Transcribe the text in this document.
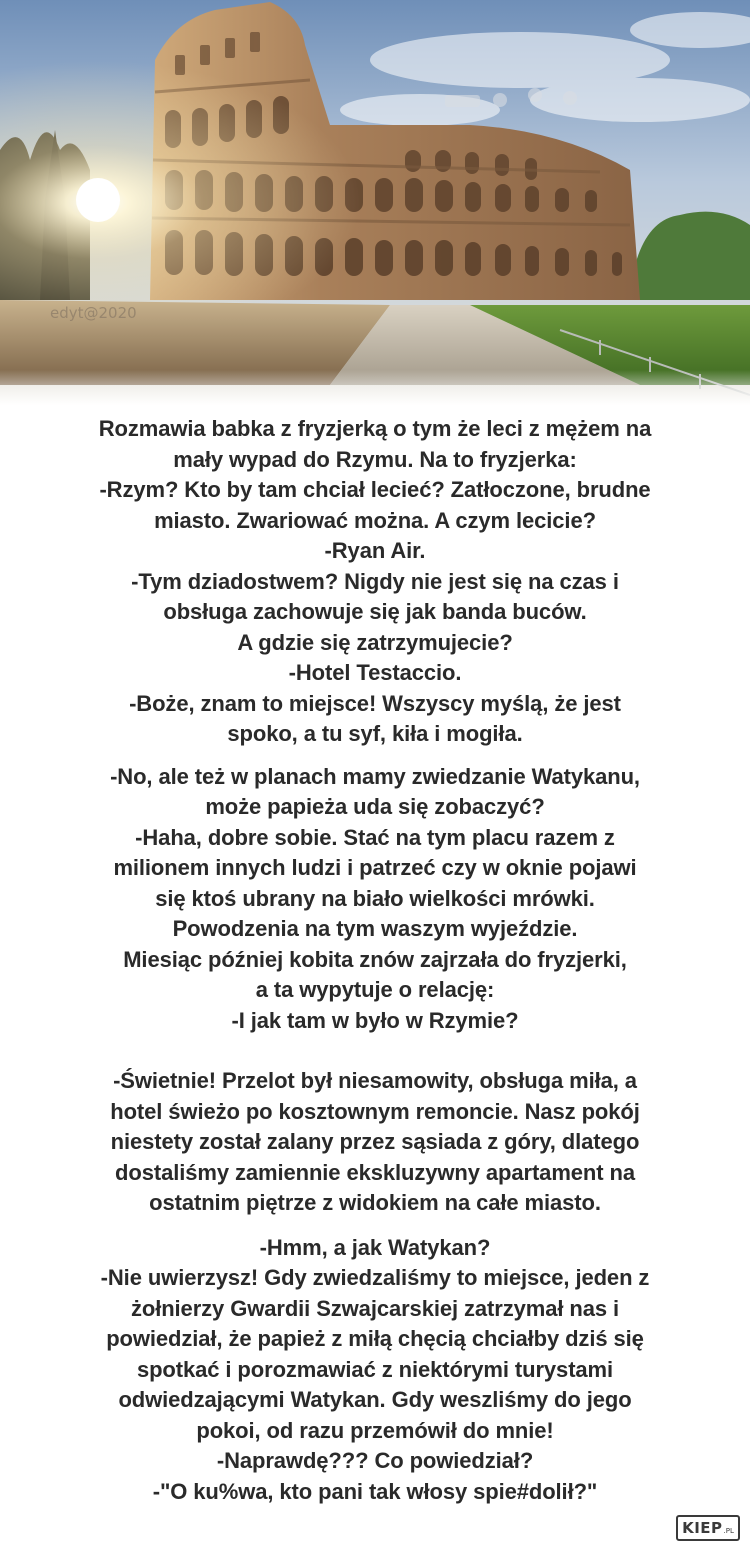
edyt@2020
Rozmawia babka z fryzjerką o tym że leci z mężem na
mały wypad do Rzymu. Na to fryzjerka:
-Rzym? Kto by tam chciał lecieć? Zatłoczone, brudne
miasto. Zwariować można. A czym lecicie?
-Ryan Air.
-Tym dziadostwem? Nigdy nie jest się na czas i
obsługa zachowuje się jak banda buców.
A gdzie się zatrzymujecie?
-Hotel Testaccio.
-Boże, znam to miejsce! Wszyscy myślą, że jest
spoko, a tu syf, kiła i mogiła.
-No, ale też w planach mamy zwiedzanie Watykanu,
może papieża uda się zobaczyć?
-Haha, dobre sobie. Stać na tym placu razem z
milionem innych ludzi i patrzeć czy w oknie pojawi
się ktoś ubrany na biało wielkości mrówki.
Powodzenia na tym waszym wyjeździe.
Miesiąc później kobita znów zajrzała do fryzjerki,
a ta wypytuje o relację:
-I jak tam w było w Rzymie?
-Świetnie! Przelot był niesamowity, obsługa miła, a
hotel świeżo po kosztownym remoncie. Nasz pokój
niestety został zalany przez sąsiada z góry, dlatego
dostaliśmy zamiennie ekskluzywny apartament na
ostatnim piętrze z widokiem na całe miasto.
-Hmm, a jak Watykan?
-Nie uwierzysz! Gdy zwiedzaliśmy to miejsce, jeden z
żołnierzy Gwardii Szwajcarskiej zatrzymał nas i
powiedział, że papież z miłą chęcią chciałby dziś się
spotkać i porozmawiać z niektórymi turystami
odwiedzającymi Watykan. Gdy weszliśmy do jego
pokoi, od razu przemówił do mnie!
-Naprawdę??? Co powiedział?
-"O ku%wa, kto pani tak włosy spie#dolił?"
KIEP .PL
